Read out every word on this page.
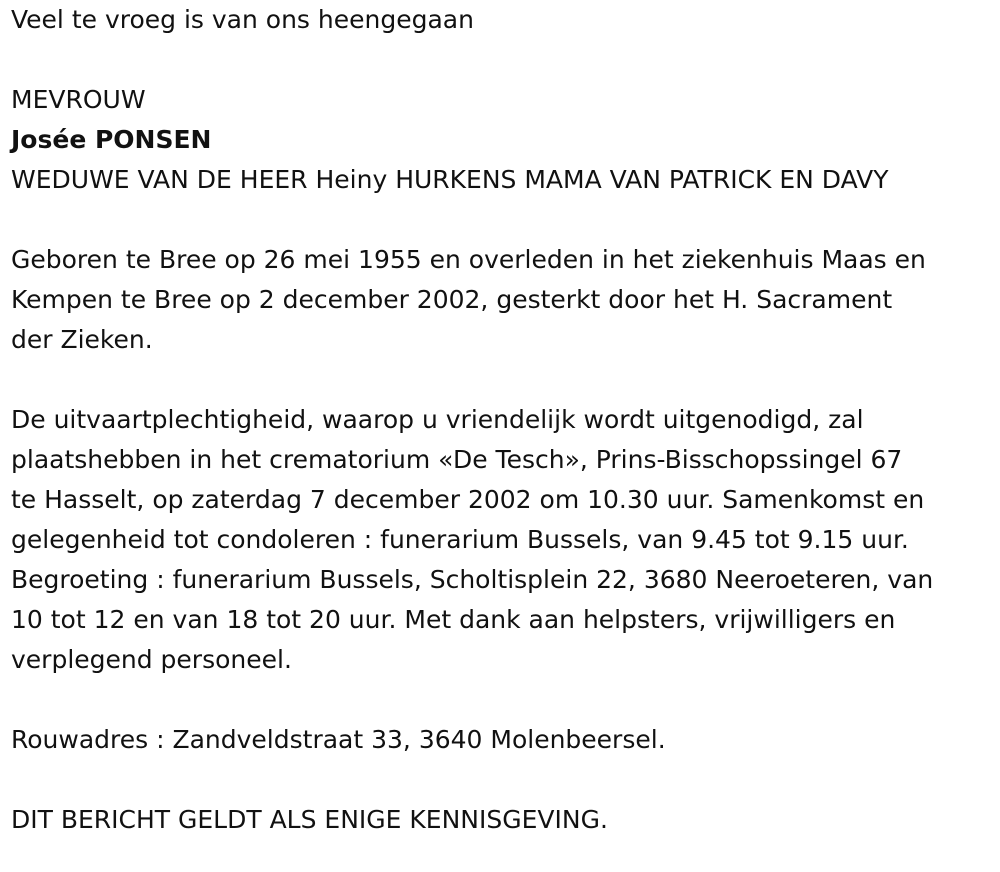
Veel te vroeg is van ons heengegaan

MEVROUW

Josée PONSEN

WEDUWE VAN DE HEER Heiny HURKENS MAMA VAN PATRICK EN DAVY

Geboren te Bree op 26 mei 1955 en overleden in het ziekenhuis Maas en

Kempen te Bree op 2 december 2002, gesterkt door het H. Sacrament

der Zieken.

De uitvaartplechtigheid, waarop u vriendelijk wordt uitgenodigd, zal

plaatshebben in het crematorium «De Tesch», Prins-Bisschopssingel 67

te Hasselt, op zaterdag 7 december 2002 om 10.30 uur. Samenkomst en

gelegenheid tot condoleren : funerarium Bussels, van 9.45 tot 9.15 uur.

Begroeting : funerarium Bussels, Scholtisplein 22, 3680 Neeroeteren, van

10 tot 12 en van 18 tot 20 uur. Met dank aan helpsters, vrijwilligers en

verplegend personeel.

Rouwadres : Zandveldstraat 33, 3640 Molenbeersel.

DIT BERICHT GELDT ALS ENIGE KENNISGEVING.
